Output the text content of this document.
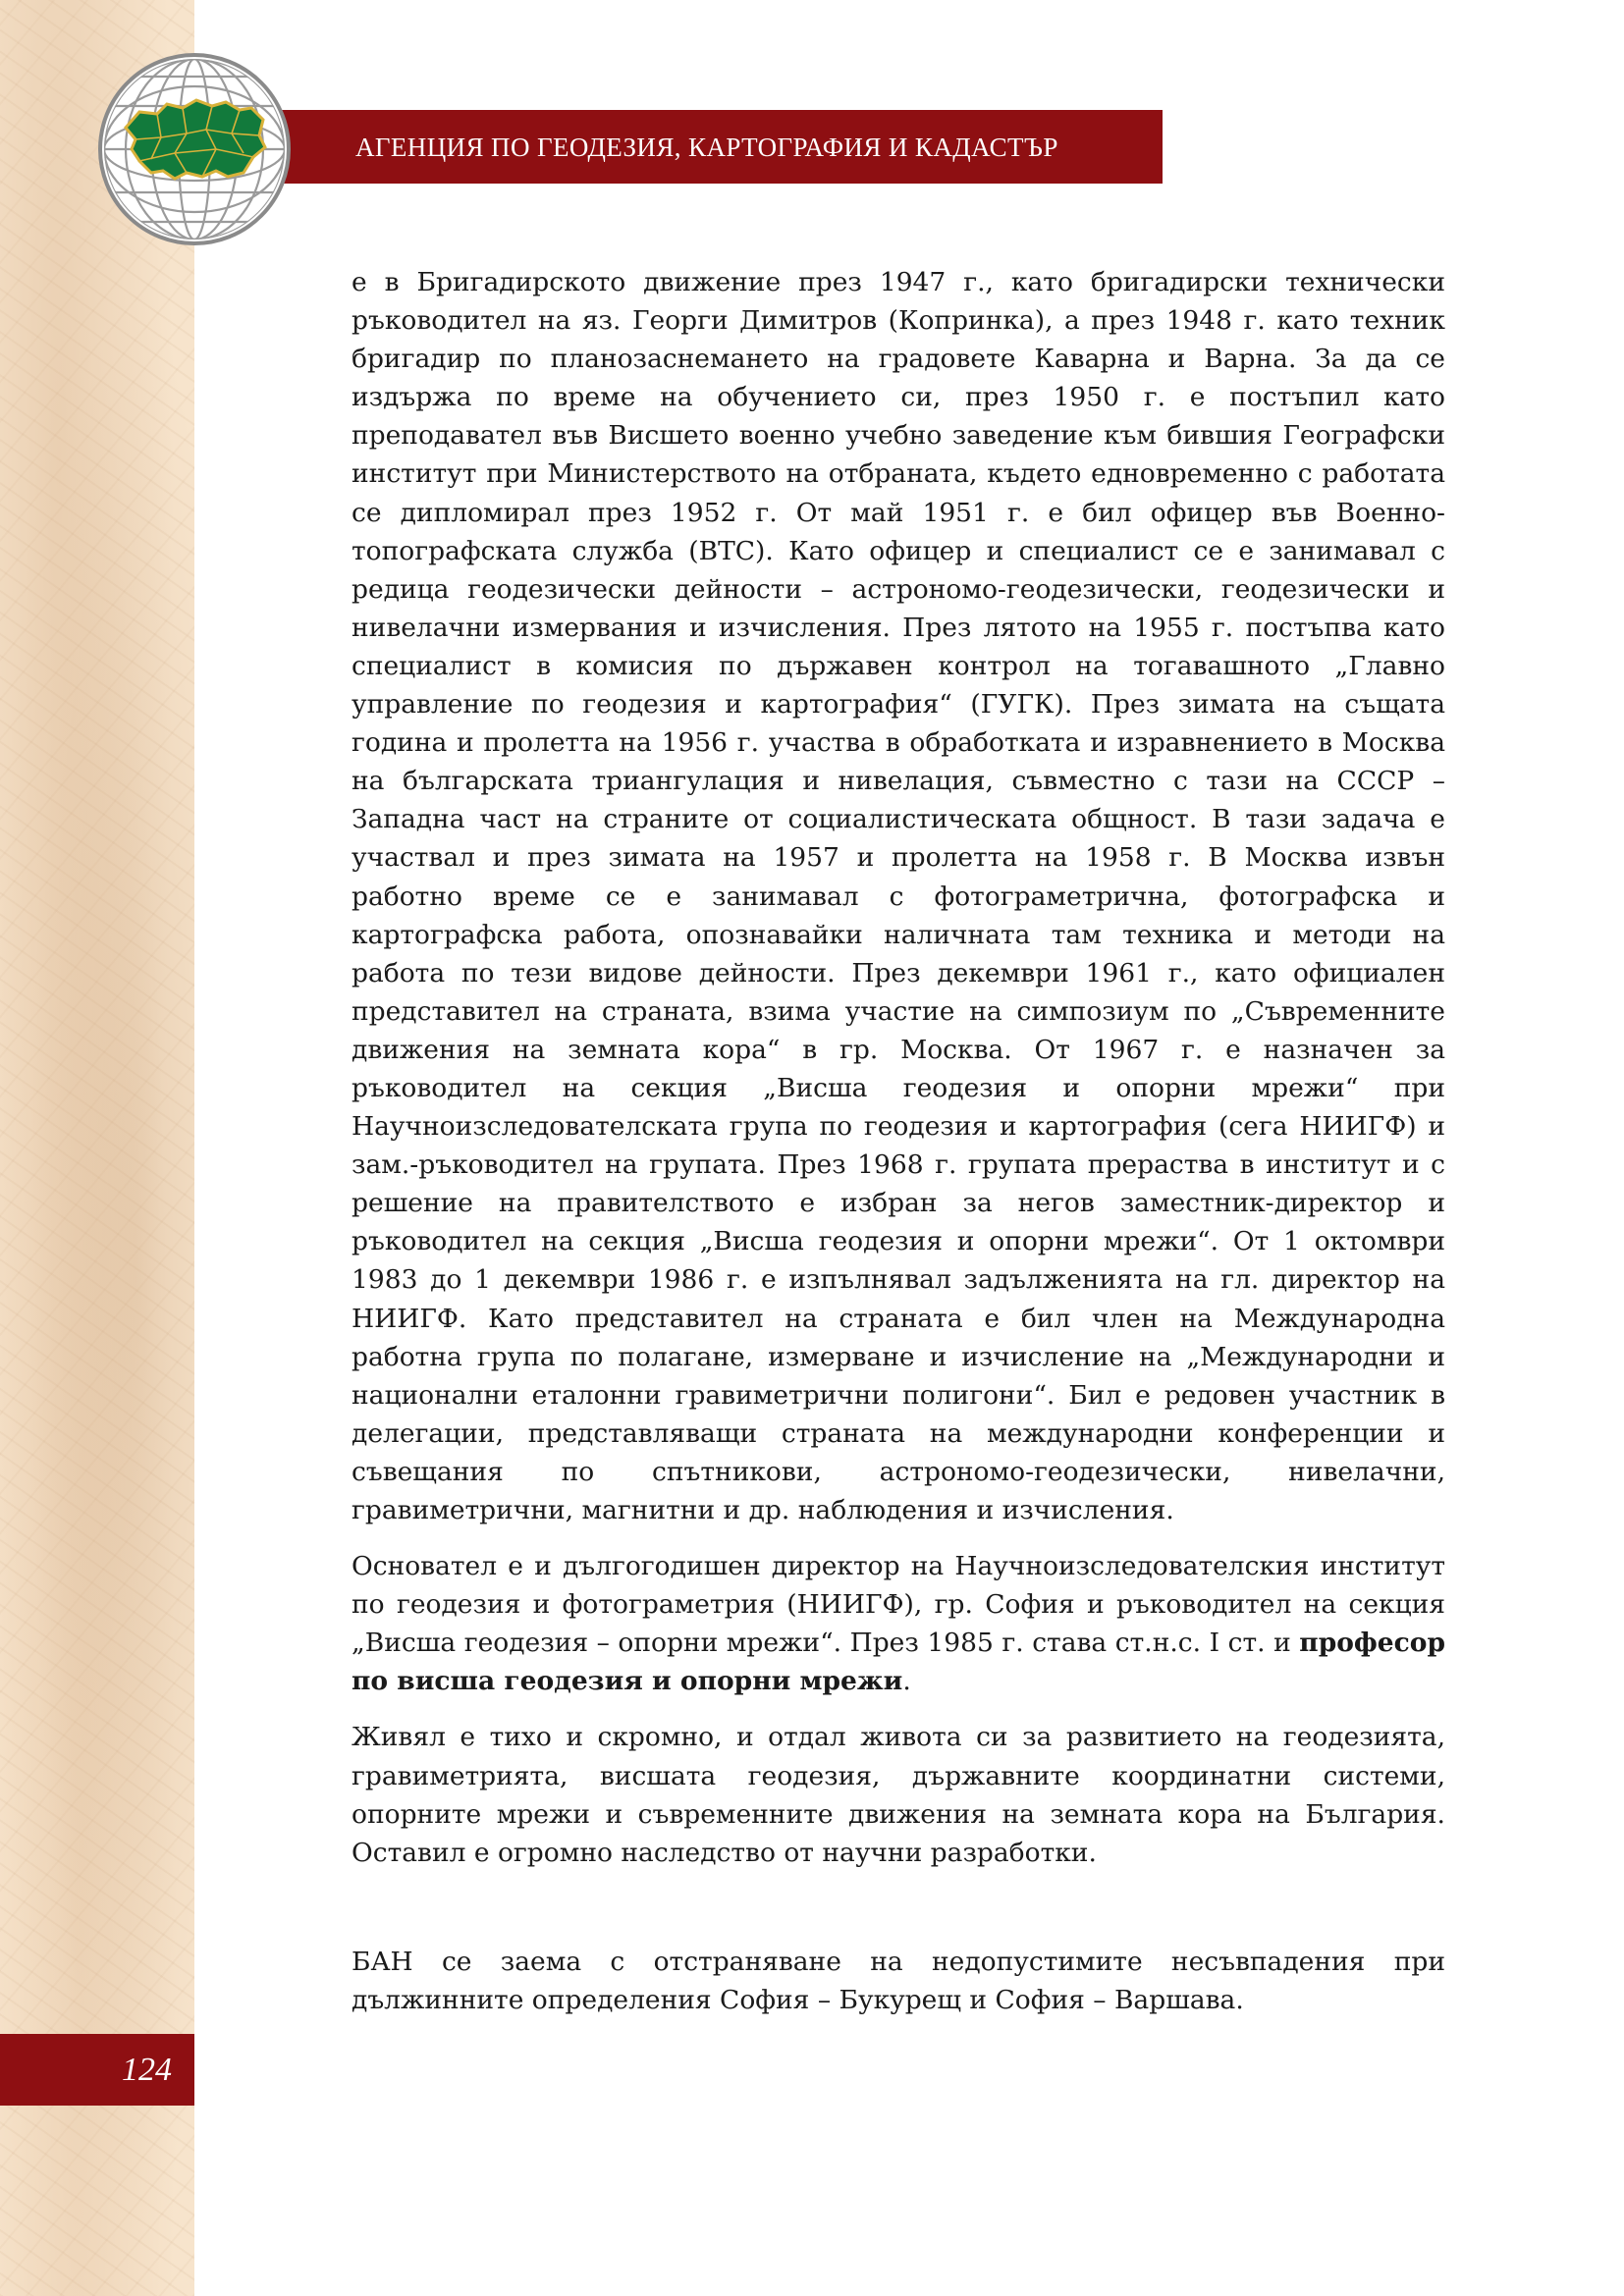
АГЕНЦИЯ ПО ГЕОДЕЗИЯ, КАРТОГРАФИЯ И КАДАСТЪР

е в Бригадирското движение през 1947 г., като бригадирски технически ръководител на яз. Георги Димитров (Копринка), а през 1948 г. като техник бригадир по планозаснемането на градовете Каварна и Варна. За да се издържа по време на обучението си, през 1950 г. е постъпил като преподавател във Висшето военно учебно заведение към бившия Географски институт при Министерството на отбраната, където едновременно с работата се дипломирал през 1952 г. От май 1951 г. е бил офицер във Военно-топографската служба (ВТС). Като офицер и специалист се е занимавал с редица геодезически дейности – астрономо-геодезически, геодезически и нивелачни измервания и изчисления. През лятото на 1955 г. постъпва като специалист в комисия по държавен контрол на тогавашното „Главно управление по геодезия и картография“ (ГУГК). През зимата на същата година и пролетта на 1956 г. участва в обработката и изравнението в Москва на българската триангулация и нивелация, съвместно с тази на СССР – Западна част на страните от социалистическата общност. В тази задача е участвал и през зимата на 1957 и пролетта на 1958 г. В Москва извън работно време се е занимавал с фотограметрична, фотографска и картографска работа, опознавайки наличната там техника и методи на работа по тези видове дейности. През декември 1961 г., като официален представител на страната, взима участие на симпозиум по „Съвременните движения на земната кора“ в гр. Москва. От 1967 г. е назначен за ръководител на секция „Висша геодезия и опорни мрежи“ при Научноизследователската група по геодезия и картография (сега НИИГФ) и зам.-ръководител на групата. През 1968 г. групата прераства в институт и с решение на правителството е избран за негов заместник-директор и ръководител на секция „Висша геодезия и опорни мрежи“. От 1 октомври 1983 до 1 декември 1986 г. е изпълнявал задълженията на гл. директор на НИИГФ. Като представител на страната е бил член на Международна работна група по полагане, измерване и изчисление на „Международни и национални еталонни гравиметрични полигони“. Бил е редовен участник в делегации, представляващи страната на международни конференции и съвещания по спътникови, астрономо-геодезически, нивелачни, гравиметрични, магнитни и др. наблюдения и изчисления.

Основател е и дългогодишен директор на Научноизследователския институт по геодезия и фотограметрия (НИИГФ), гр. София и ръководител на секция „Висша геодезия – опорни мрежи“. През 1985 г. става ст.н.с. I ст. и професор по висша геодезия и опорни мрежи.

Живял е тихо и скромно, и отдал живота си за развитието на геодезията, гравиметрията, висшата геодезия, държавните координатни системи, опорните мрежи и съвременните движения на земната кора на България. Оставил е огромно наследство от научни разработки.

БАН се заема с отстраняване на недопустимите несъвпадения при дължинните определения София – Букурещ и София – Варшава.

124
